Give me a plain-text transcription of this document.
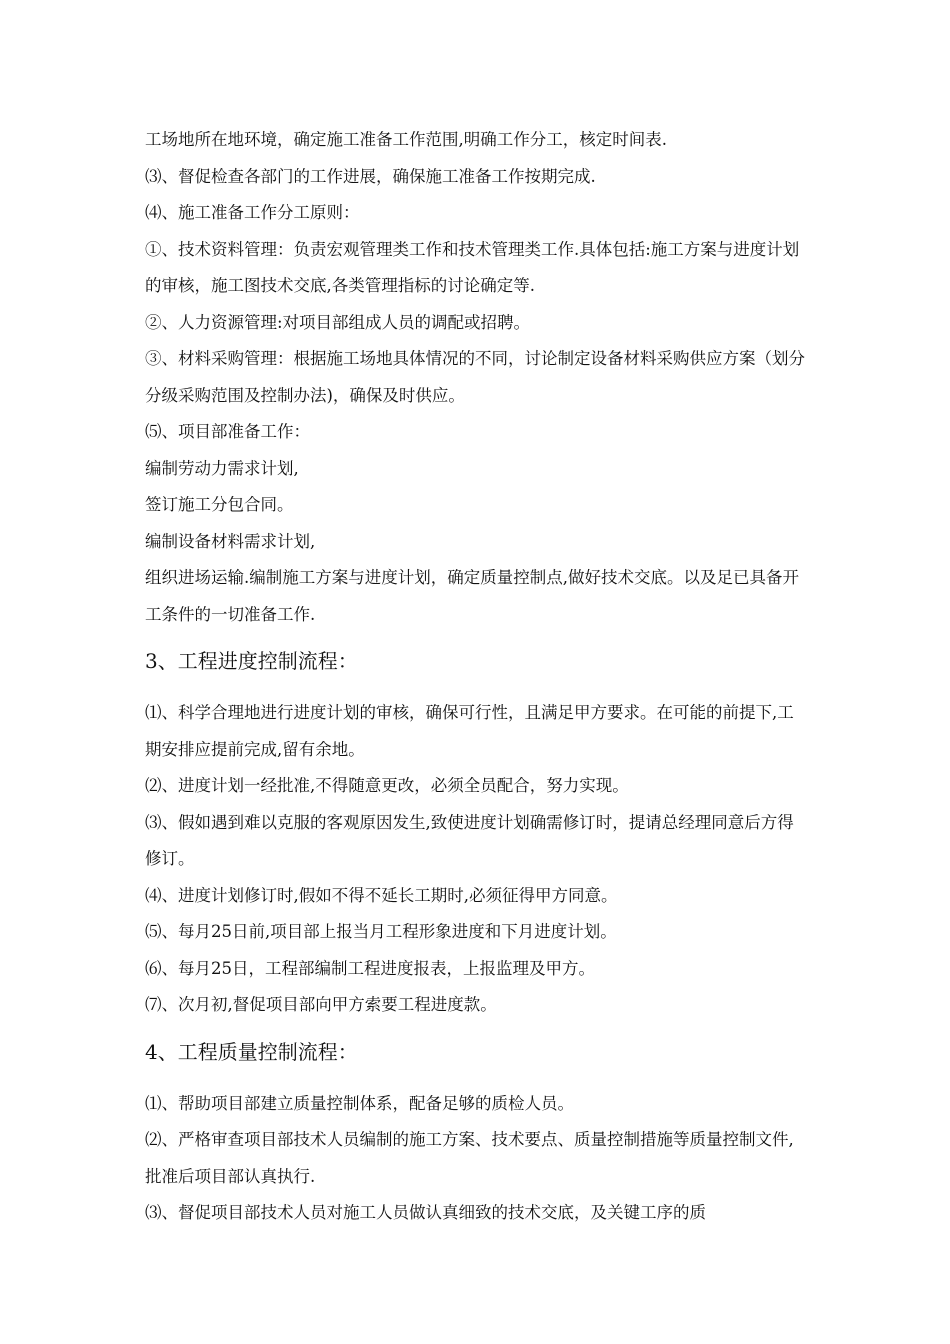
工场地所在地环境，确定施工准备工作范围,明确工作分工，核定时间表.

⑶、督促检查各部门的工作进展，确保施工准备工作按期完成.

⑷、施工准备工作分工原则：

①、技术资料管理：负责宏观管理类工作和技术管理类工作.具体包括:施工方案与进度计划的审核，施工图技术交底,各类管理指标的讨论确定等.

②、人力资源管理:对项目部组成人员的调配或招聘。

③、材料采购管理：根据施工场地具体情况的不同，讨论制定设备材料采购供应方案（划分分级采购范围及控制办法)，确保及时供应。

⑸、项目部准备工作：

编制劳动力需求计划,

签订施工分包合同。

编制设备材料需求计划,

组织进场运输.编制施工方案与进度计划，确定质量控制点,做好技术交底。以及足已具备开工条件的一切准备工作.

3、工程进度控制流程：

⑴、科学合理地进行进度计划的审核，确保可行性，且满足甲方要求。在可能的前提下,工期安排应提前完成,留有余地。

⑵、进度计划一经批准,不得随意更改，必须全员配合，努力实现。

⑶、假如遇到难以克服的客观原因发生,致使进度计划确需修订时，提请总经理同意后方得修订。

⑷、进度计划修订时,假如不得不延长工期时,必须征得甲方同意。

⑸、每月25日前,项目部上报当月工程形象进度和下月进度计划。

⑹、每月25日，工程部编制工程进度报表，上报监理及甲方。

⑺、次月初,督促项目部向甲方索要工程进度款。

4、工程质量控制流程：

⑴、帮助项目部建立质量控制体系，配备足够的质检人员。

⑵、严格审查项目部技术人员编制的施工方案、技术要点、质量控制措施等质量控制文件,批准后项目部认真执行.

⑶、督促项目部技术人员对施工人员做认真细致的技术交底，及关键工序的质
